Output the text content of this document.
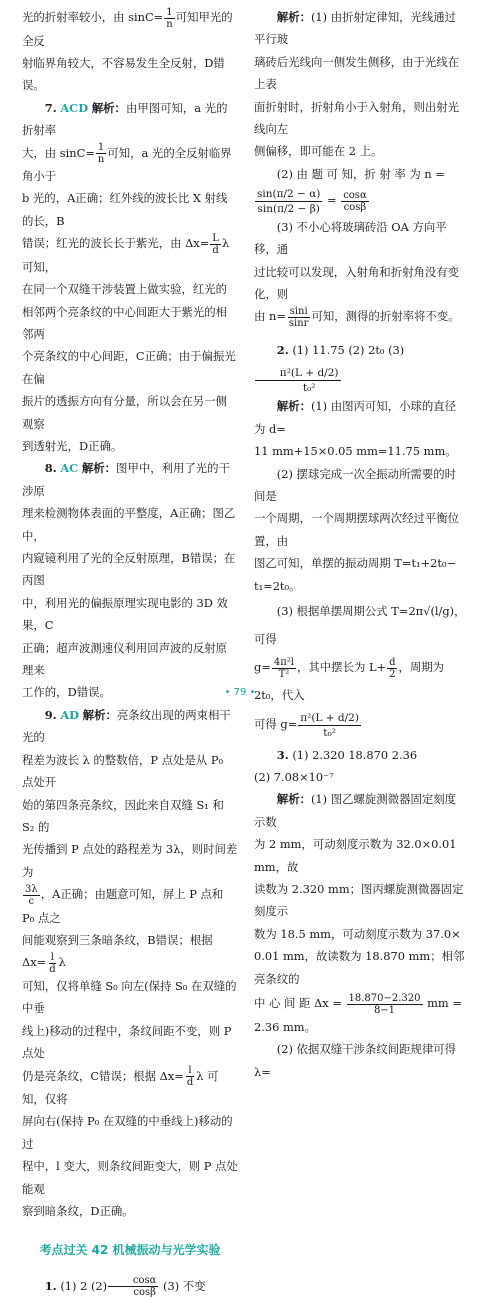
光的折射率较小，由 $\sin C= \frac{1}{n}$ 可知甲光的全反

射临界角较大，不容易发生全反射，D错误。

7. ACD 解析：由甲图可知，a 光的折射率

大，由 $\sin C= \frac{1}{n}$ 可知，a 光的全反射临界角小于

b 光的，A正确；红外线的波长比 X 射线的长，B

错误；红光的波长长于紫光，由 $\Delta x= \frac{L}{d}$ λ 可知，

在同一个双缝干涉装置上做实验，红光的

相邻两个亮条纹的中心间距大于紫光的相邻两

个亮条纹的中心间距，C正确；由于偏振光在偏

振片的透振方向有分量，所以会在另一侧观察

到透射光，D正确。

8. AC 解析：图甲中，利用了光的干涉原

理来检测物体表面的平整度，A正确；图乙中，

内窥镜利用了光的全反射原理，B错误；在丙图

中，利用光的偏振原理实现电影的 3D 效果，C

正确；超声波测速仪利用回声波的反射原理来

工作的，D错误。

9. AD 解析：亮条纹出现的两束相干光的

程差为波长 λ 的整数倍，P 点处是从 P₀ 点处开

始的第四条亮条纹，因此来自双缝 S₁ 和 S₂ 的

光传播到 P 点处的路程差为 3λ，则时间差为

$\frac{3\lambda}{c}$ ，A正确；由题意可知，屏上 P 点和 P₀ 点之

间能观察到三条暗条纹，B错误；根据 $\Delta x= \frac{l}{d}$ λ

可知，仅将单缝 S₀ 向左(保持 S₀ 在双缝的中垂

线上)移动的过程中，条纹间距不变，则 P 点处

仍是亮条纹，C错误；根据 $\Delta x= \frac{l}{d}$ λ 可知，仅将

屏向右(保持 P₀ 在双缝的中垂线上)移动的过

程中，l 变大，则条纹间距变大，则 P 点处能观

察到暗条纹，D正确。

考点过关 42 机械振动与光学实验

1. (1) 2 $(2) \frac{\cos\alpha}{\cos\beta} (3)$ 不变

解析：(1) 由折射定律知，光线通过平行玻

璃砖后光线向一侧发生侧移，由于光线在上表

面折射时，折射角小于入射角，则出射光线向左

侧偏移，即可能在 2 上。

(2) 由 题 可 知，折 射 率 为 n =

$\frac{\sin(\pi/2 - \alpha)}{\sin(\pi/2 - \beta)} = \frac{\cos\alpha}{\cos\beta}$

(3) 不小心将玻璃砖沿 OA 方向平移，通

过比较可以发现，入射角和折射角没有变化，则

由 $n= \frac{\sin i}{\sin r}$ 可知，测得的折射率将不变。

2. (1) 11.75 (2) 2t₀ (3)
$\frac{\text{π²(L + d/2)}}{\text{t₀²}}$

解析：(1) 由图丙可知，小球的直径为 d=

11 mm+15×0.05 mm=11.75 mm。

(2) 摆球完成一次全振动所需要的时间是

一个周期，一个周期摆球两次经过平衡位置，由

图乙可知，单摆的振动周期 T=t₁+2t₀−

t₁=2t₀。

(3) 根据单摆周期公式 T=2π√(l/g)，可得

$g= \frac{\text{4π²l}}{\text{T²}}$ ，其中摆长为 $L+ \frac{d}{2}$ ，周期为 2t₀，代入

可得 $g= \frac{\text{π²(L + d/2)}}{\text{t₀²}}$

3. (1) 2.320 18.870 2.36

(2) 7.08×10⁻⁷

解析：(1) 图乙螺旋测微器固定刻度示数

为 2 mm，可动刻度示数为 32.0×0.01 mm，故

读数为 2.320 mm；图丙螺旋测微器固定刻度示

数为 18.5 mm，可动刻度示数为 37.0×

0.01 mm，故读数为 18.870 mm；相邻亮条纹的

中 心 间 距 $\Delta x = \frac{18.870-2.320}{8-1}$ mm =

2.36 mm。

(2) 依据双缝干涉条纹间距规律可得 λ=

• 79 •
